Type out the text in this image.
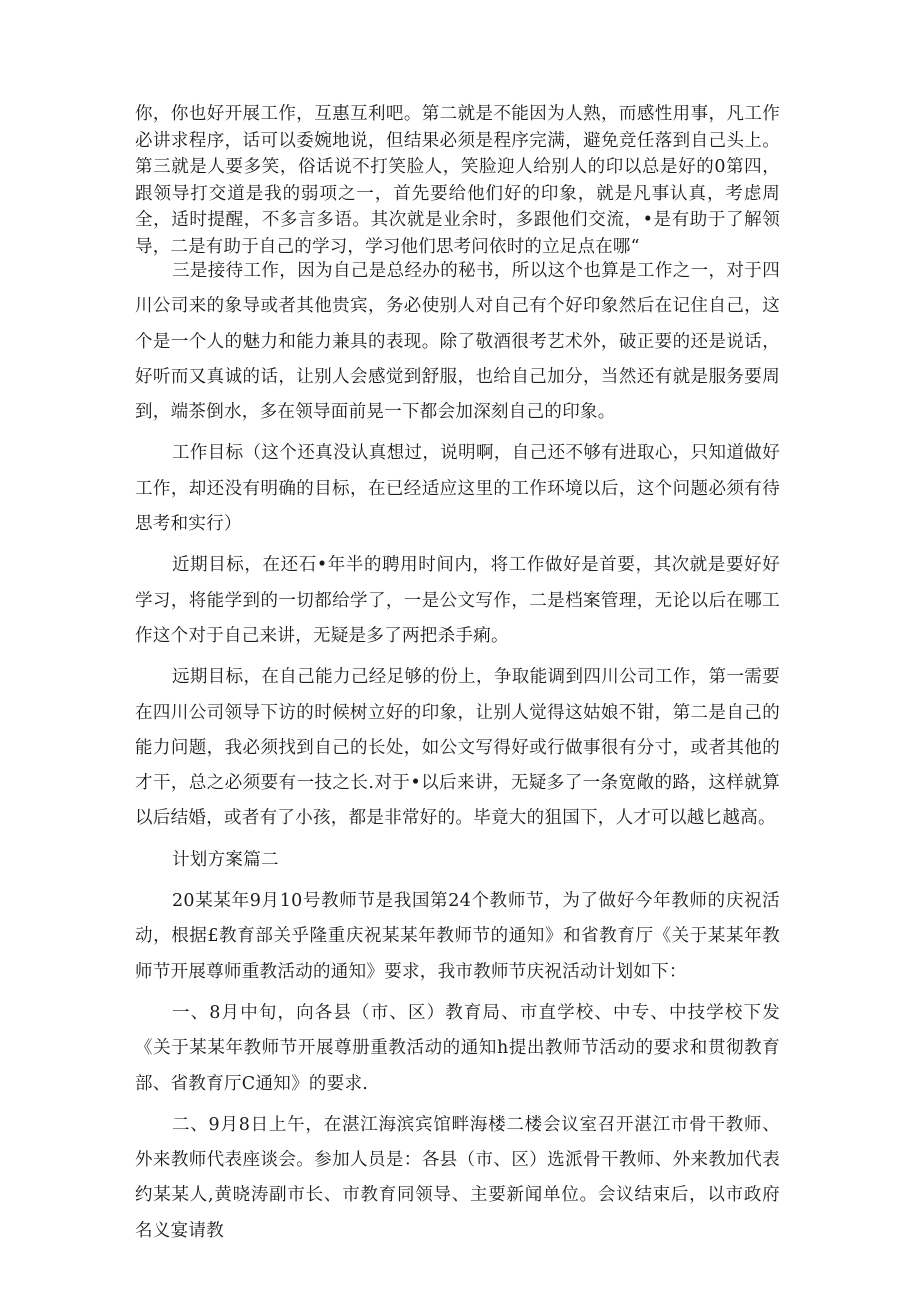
你，你也好开展工作，互惠互利吧。第二就是不能因为人熟，而感性用事，凡工作必讲求程序，话可以委婉地说，但结果必须是程序完满，避免竞任落到自己头上。第三就是人要多笑，俗话说不打笑脸人，笑脸迎人给别人的印以总是好的0第四，跟领导打交道是我的弱项之一，首先要给他们好的印象，就是凡事认真，考虑周全，适时提醒，不多言多语。其次就是业余时，多跟他们交流，•是有助于了解领导，二是有助于自己的学习，学习他们思考问依时的立足点在哪“

三是接待工作，因为自己是总经办的秘书，所以这个也算是工作之一，对于四川公司来的象导或者其他贵宾，务必使别人对自己有个好印象然后在记住自己，这个是一个人的魅力和能力兼具的表现。除了敬酒很考艺术外，破正要的还是说话，好听而又真诚的话，让别人会感觉到舒服，也给自己加分，当然还有就是服务要周到，端茶倒水，多在领导面前晃一下都会加深刻自己的印象。

工作目标（这个还真没认真想过，说明啊，自己还不够有进取心，只知道做好工作，却还没有明确的目标，在已经适应这里的工作环境以后，这个问题必须有待思考和实行）

近期目标，在还石•年半的聘用时间内，将工作做好是首要，其次就是要好好学习，将能学到的一切都给学了，一是公文写作，二是档案管理，无论以后在哪工作这个对于自己来讲，无疑是多了两把杀手痢。

远期目标，在自己能力己经足够的份上，争取能调到四川公司工作，第一需要在四川公司领导下访的时候树立好的印象，让别人觉得这姑娘不钳，第二是自己的能力问题，我必须找到自己的长处，如公文写得好或行做事很有分寸，或者其他的才干，总之必须要有一技之长.对于•以后来讲，无疑多了一条宽敞的路，这样就算以后结婚，或者有了小孩，都是非常好的。毕竟大的狙国下，人才可以越匕越高。

计划方案篇二

20某某年9月10号教师节是我国第24个教师节，为了做好今年教师的庆祝活动，根据£教育部关乎隆重庆祝某某年教师节的通知》和省教育厅《关于某某年教师节开展尊师重教活动的通知》要求，我市教师节庆祝活动计划如下：

一、8月中旬，向各县（市、区）教育局、市直学校、中专、中技学校下发《关于某某年教师节开展尊册重教活动的通知h提出教师节活动的要求和贯彻教育部、省教育厅C通知》的要求.

二、9月8日上午，在湛江海滨宾馆畔海楼二楼会议室召开湛江市骨干教师、外来教师代表座谈会。参加人员是：各县（市、区）选派骨干教师、外来教加代表约某某人,黄晓涛副市长、市教育同领导、主要新闻单位。会议结束后，以市政府名义宴请教
